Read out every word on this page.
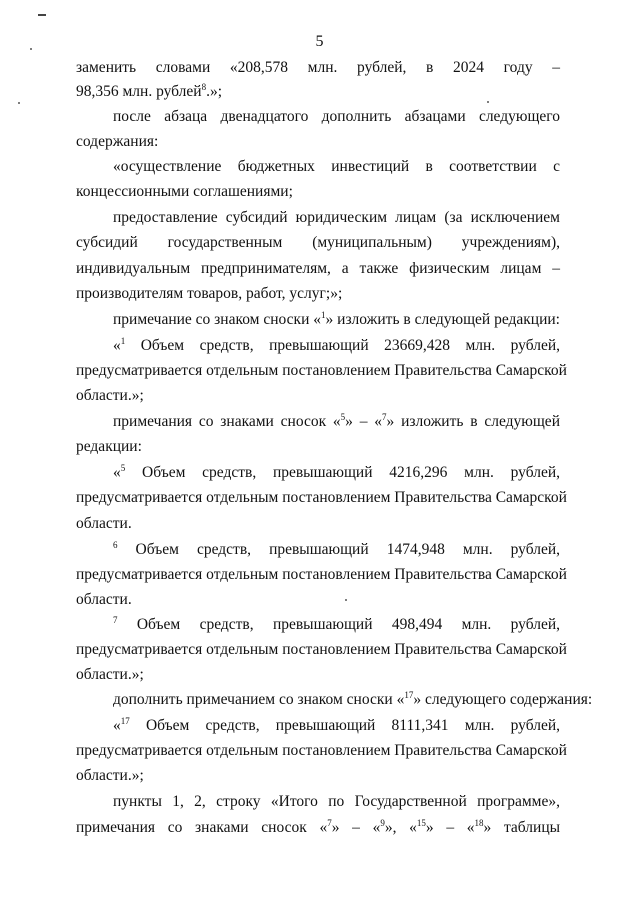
5
заменить словами «208,578 млн. рублей, в 2024 году –
98,356 млн. рублей$^8$.»;
после абзаца двенадцатого дополнить абзацами следующего
содержания:
«осуществление бюджетных инвестиций в соответствии с
концессионными соглашениями;
предоставление субсидий юридическим лицам (за исключением
субсидий государственным (муниципальным) учреждениям),
индивидуальным предпринимателям, а также физическим лицам –
производителям товаров, работ, услуг;»;
примечание со знаком сноски «$^1$» изложить в следующей редакции:
«$^1$ Объем средств, превышающий 23669,428 млн. рублей,
предусматривается отдельным постановлением Правительства Самарской
области.»;
примечания со знаками сносок «$^5$» – «$^7$» изложить в следующей
редакции:
«$^5$ Объем средств, превышающий 4216,296 млн. рублей,
предусматривается отдельным постановлением Правительства Самарской
области.
$^6$ Объем средств, превышающий 1474,948 млн. рублей,
предусматривается отдельным постановлением Правительства Самарской
области.
$^7$ Объем средств, превышающий 498,494 млн. рублей,
предусматривается отдельным постановлением Правительства Самарской
области.»;
дополнить примечанием со знаком сноски «$^{17}$» следующего содержания:
«$^{17}$ Объем средств, превышающий 8111,341 млн. рублей,
предусматривается отдельным постановлением Правительства Самарской
области.»;
пункты 1, 2, строку «Итого по Государственной программе»,
примечания со знаками сносок «$^7$» – «$^9$», «$^{15}$» – «$^{18}$» таблицы
